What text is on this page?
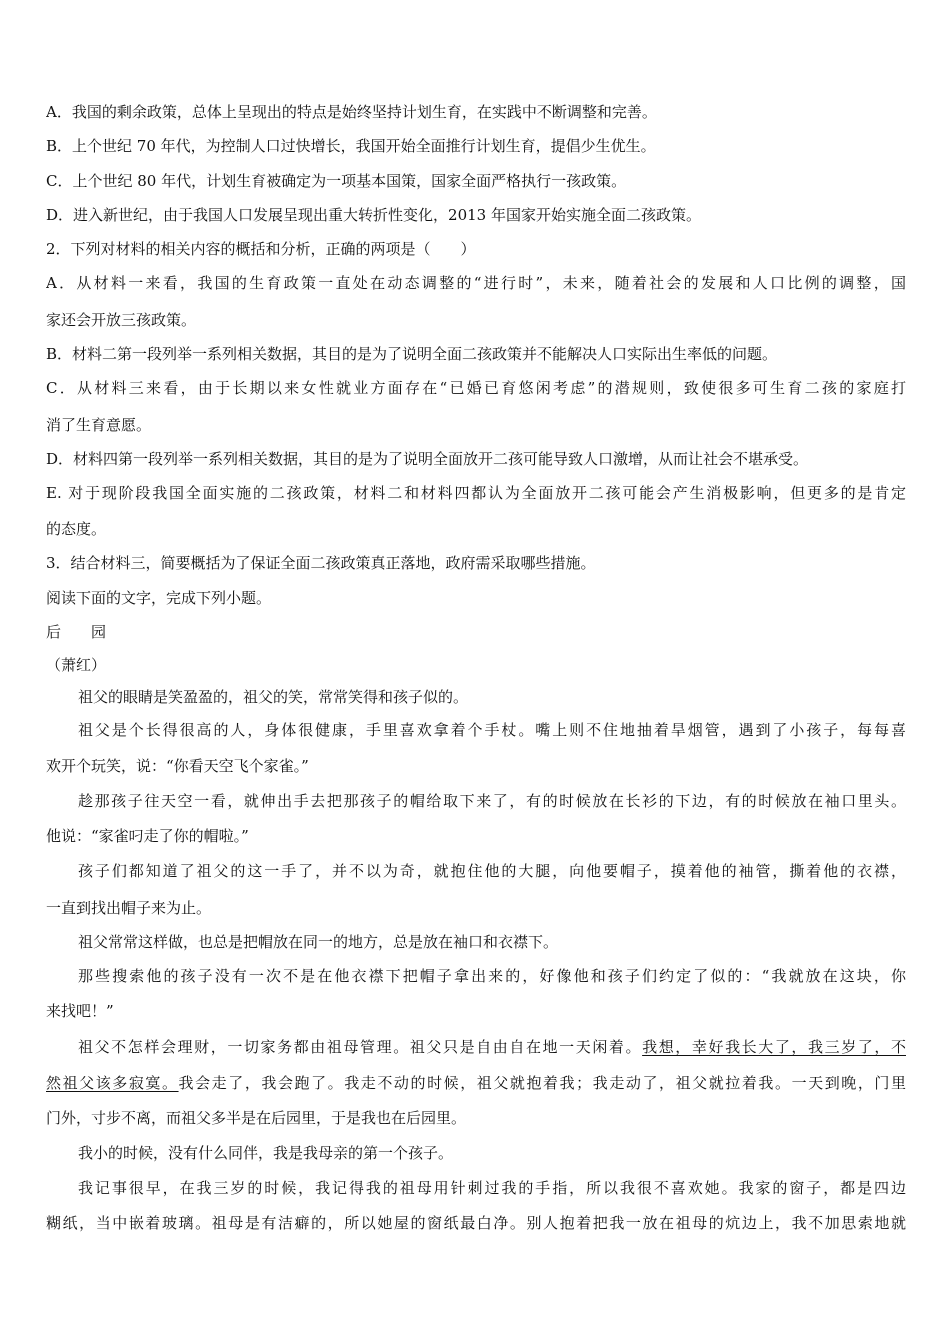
A．我国的剩余政策，总体上呈现出的特点是始终坚持计划生育，在实践中不断调整和完善。
B．上个世纪 70 年代，为控制人口过快增长，我国开始全面推行计划生育，提倡少生优生。
C．上个世纪 80 年代，计划生育被确定为一项基本国策，国家全面严格执行一孩政策。
D．进入新世纪，由于我国人口发展呈现出重大转折性变化，2013 年国家开始实施全面二孩政策。
2．下列对材料的相关内容的概括和分析，正确的两项是（　　）
A．从材料一来看，我国的生育政策一直处在动态调整的“进行时”，未来，随着社会的发展和人口比例的调整，国
家还会开放三孩政策。
B．材料二第一段列举一系列相关数据，其目的是为了说明全面二孩政策并不能解决人口实际出生率低的问题。
C．从材料三来看，由于长期以来女性就业方面存在“已婚已育悠闲考虑”的潜规则，致使很多可生育二孩的家庭打
消了生育意愿。
D．材料四第一段列举一系列相关数据，其目的是为了说明全面放开二孩可能导致人口激增，从而让社会不堪承受。
E. 对于现阶段我国全面实施的二孩政策，材料二和材料四都认为全面放开二孩可能会产生消极影响，但更多的是肯定
的态度。
3．结合材料三，简要概括为了保证全面二孩政策真正落地，政府需采取哪些措施。
阅读下面的文字，完成下列小题。
后　　园
（萧红）
祖父的眼睛是笑盈盈的，祖父的笑，常常笑得和孩子似的。
祖父是个长得很高的人，身体很健康，手里喜欢拿着个手杖。嘴上则不住地抽着旱烟管，遇到了小孩子，每每喜
欢开个玩笑，说：“你看天空飞个家雀。”
趁那孩子往天空一看，就伸出手去把那孩子的帽给取下来了，有的时候放在长衫的下边，有的时候放在袖口里头。
他说：“家雀叼走了你的帽啦。”
孩子们都知道了祖父的这一手了，并不以为奇，就抱住他的大腿，向他要帽子，摸着他的袖管，撕着他的衣襟，
一直到找出帽子来为止。
祖父常常这样做，也总是把帽放在同一的地方，总是放在袖口和衣襟下。
那些搜索他的孩子没有一次不是在他衣襟下把帽子拿出来的，好像他和孩子们约定了似的：“我就放在这块，你
来找吧！”
祖父不怎样会理财，一切家务都由祖母管理。祖父只是自由自在地一天闲着。我想，幸好我长大了，我三岁了，不
然祖父该多寂寞。我会走了，我会跑了。我走不动的时候，祖父就抱着我；我走动了，祖父就拉着我。一天到晚，门里
门外，寸步不离，而祖父多半是在后园里，于是我也在后园里。
我小的时候，没有什么同伴，我是我母亲的第一个孩子。
我记事很早，在我三岁的时候，我记得我的祖母用针刺过我的手指，所以我很不喜欢她。我家的窗子，都是四边
糊纸，当中嵌着玻璃。祖母是有洁癖的，所以她屋的窗纸最白净。别人抱着把我一放在祖母的炕边上，我不加思索地就
